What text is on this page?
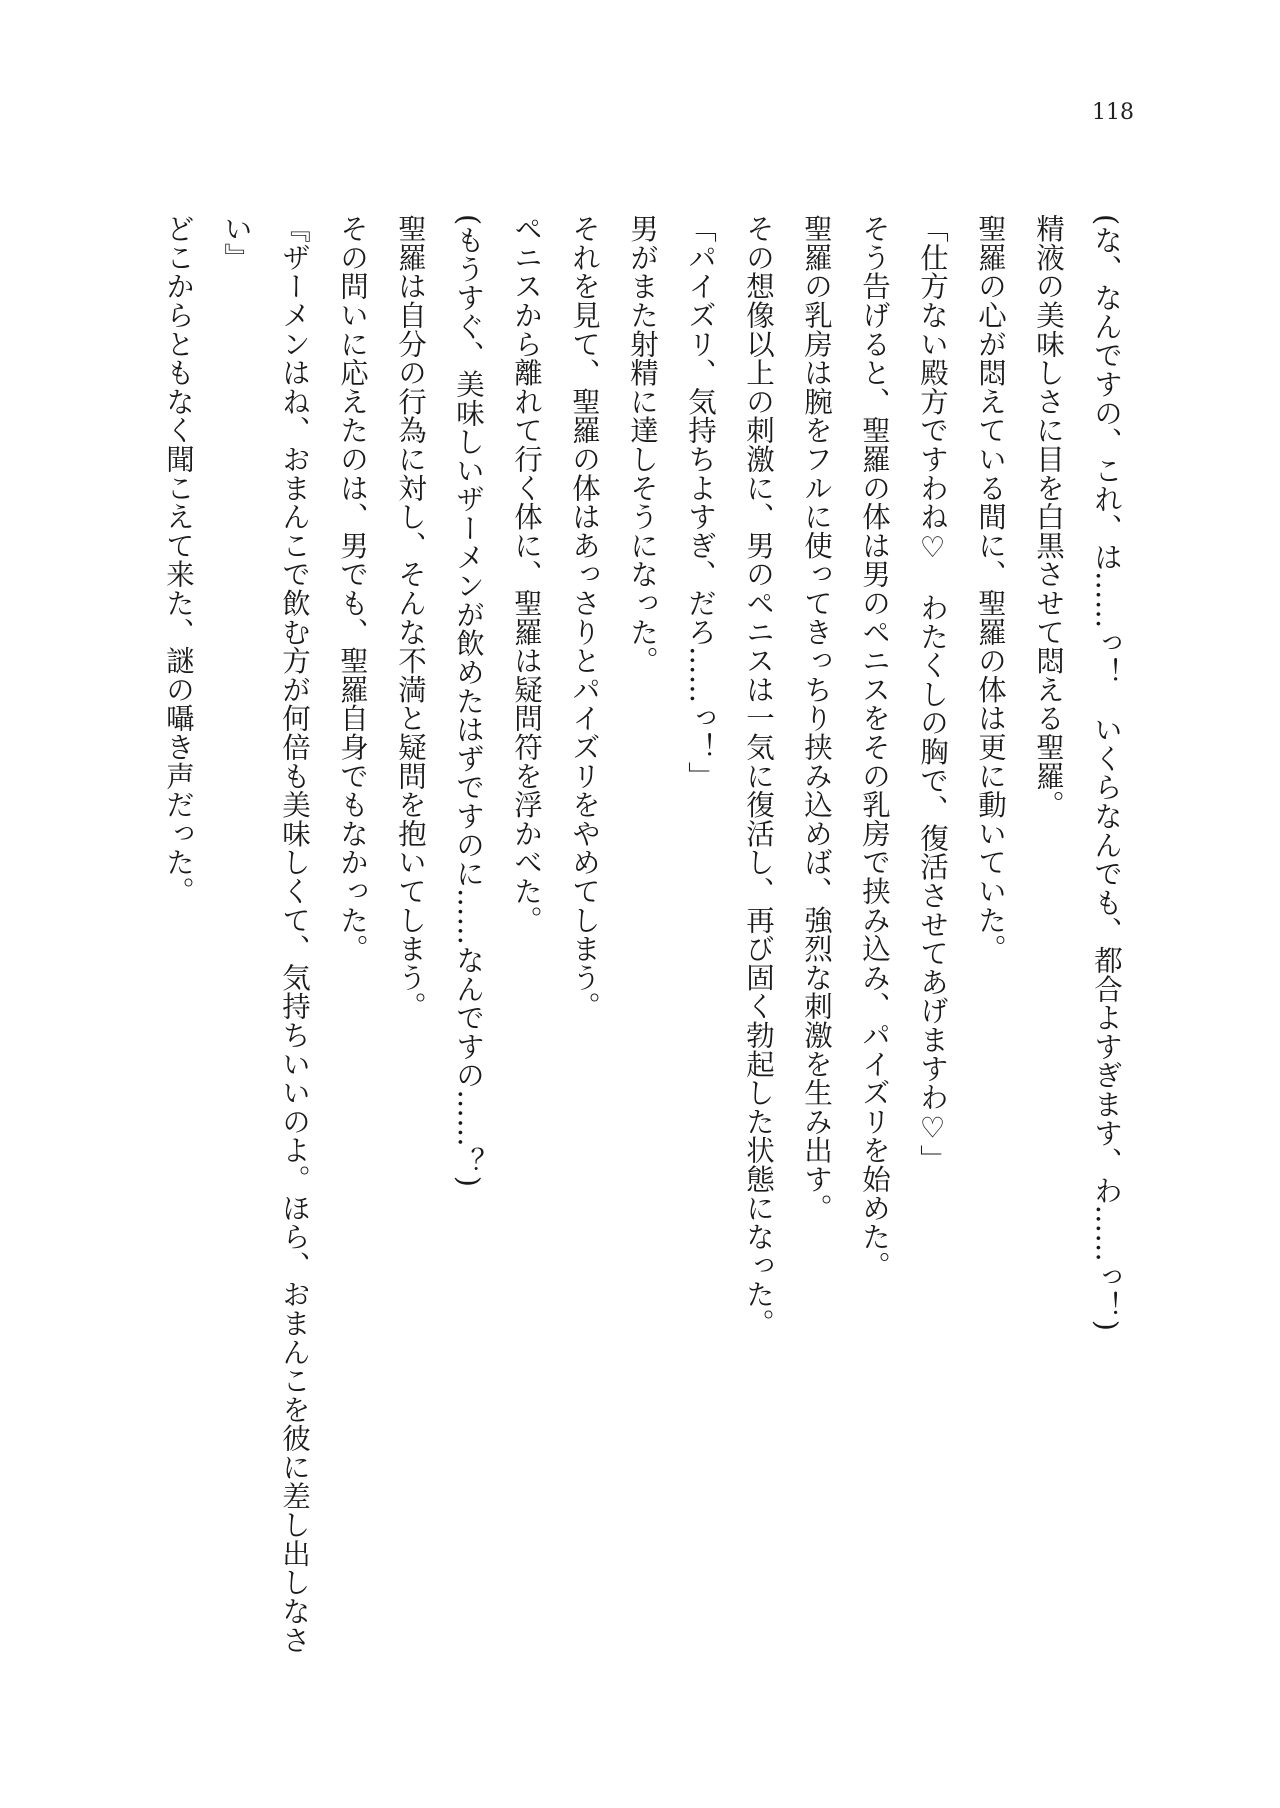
118
(な、なんですの、これ、は……っ！　いくらなんでも、都合よすぎます、わ……っ！)
精液の美味しさに目を白黒させて悶える聖羅。
聖羅の心が悶えている間に、聖羅の体は更に動いていた。
「仕方ない殿方ですわね♡　わたくしの胸で、復活させてあげますわ♡」
そう告げると、聖羅の体は男のペニスをその乳房で挟み込み、パイズリを始めた。
聖羅の乳房は腕をフルに使ってきっちり挟み込めば、強烈な刺激を生み出す。
その想像以上の刺激に、男のペニスは一気に復活し、再び固く勃起した状態になった。
「パイズリ、気持ちよすぎ、だろ……っ！」
男がまた射精に達しそうになった。
それを見て、聖羅の体はあっさりとパイズリをやめてしまう。
ペニスから離れて行く体に、聖羅は疑問符を浮かべた。
(もうすぐ、美味しいザーメンが飲めたはずですのに……なんですの……？)
聖羅は自分の行為に対し、そんな不満と疑問を抱いてしまう。
その問いに応えたのは、男でも、聖羅自身でもなかった。
『ザーメンはね、おまんこで飲む方が何倍も美味しくて、気持ちいいのよ。ほら、おまんこを彼に差し出しなさ
い』
どこからともなく聞こえて来た、謎の囁き声だった。
